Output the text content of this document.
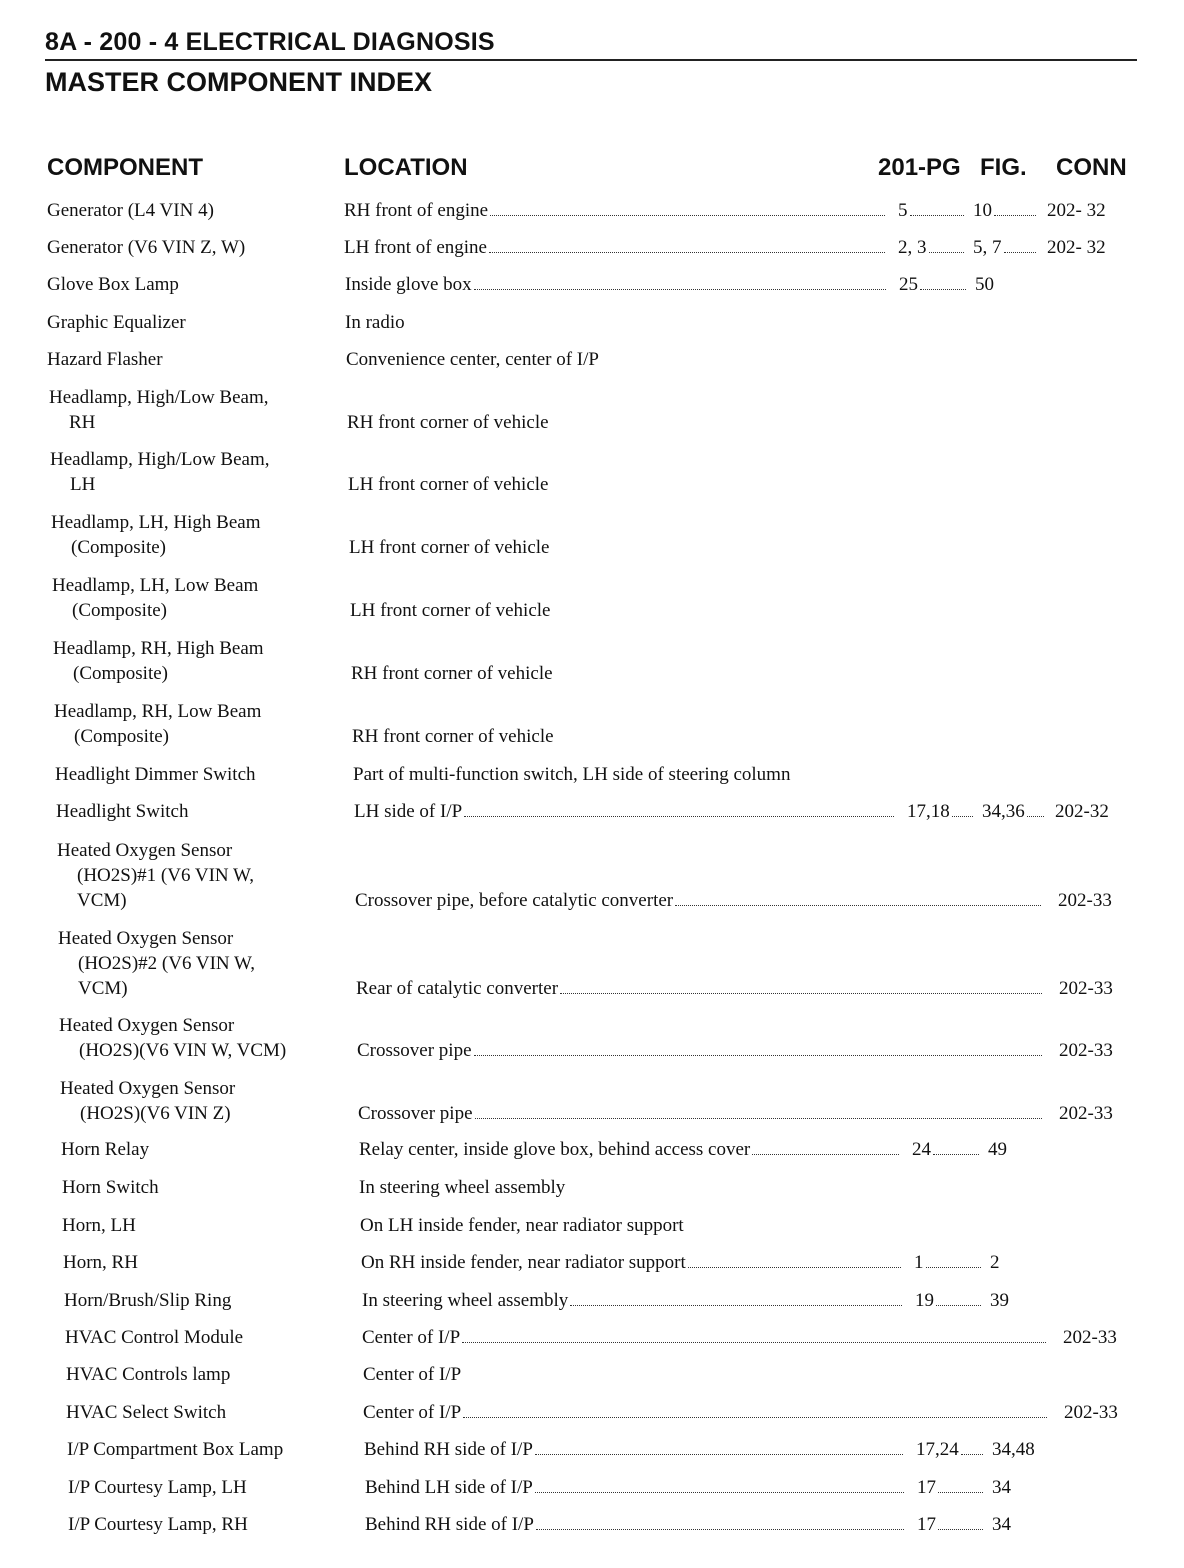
8A - 200 - 4 ELECTRICAL DIAGNOSIS
MASTER COMPONENT INDEX
COMPONENT	LOCATION	201-PG FIG. CONN
Generator (L4 VIN 4)	RH front of engine	5	10	202- 32
Generator (V6 VIN Z, W)	LH front of engine	2, 3 5, 7 202- 32
Glove Box Lamp	Inside glove box	25	50
Graphic Equalizer	In radio
Hazard Flasher	Convenience center, center of I/P
Headlamp, High/Low Beam,
RH	RH front corner of vehicle
Headlamp, High/Low Beam,
LH	LH front corner of vehicle
Headlamp, LH, High Beam
(Composite)	LH front corner of vehicle
Headlamp, LH, Low Beam
(Composite)	LH front corner of vehicle
Headlamp, RH, High Beam
(Composite)	RH front corner of vehicle
Headlamp, RH, Low Beam
(Composite)	RH front corner of vehicle
Headlight Dimmer Switch	Part of multi-function switch, LH side of steering column
Headlight Switch	LH side of I/P	17,18 34,36 202-32
Heated Oxygen Sensor
(HO2S)#1 (V6 VIN W,
VCM)	Crossover pipe, before catalytic converter	202-33
Heated Oxygen Sensor
(HO2S)#2 (V6 VIN W,
VCM)	Rear of catalytic converter	202-33
Heated Oxygen Sensor
(HO2S)(V6 VIN W, VCM)	Crossover pipe	202-33
Heated Oxygen Sensor
(HO2S)(V6 VIN Z)	Crossover pipe	202-33
Horn Relay	Relay center, inside glove box, behind access cover	24	49
Horn Switch	In steering wheel assembly
Horn, LH	On LH inside fender, near radiator support
Horn, RH	On RH inside fender, near radiator support	1	2
Horn/Brush/Slip Ring	In steering wheel assembly	19	39
HVAC Control Module	Center of I/P	202-33
HVAC Controls lamp	Center of I/P
HVAC Select Switch	Center of I/P	202-33
I/P Compartment Box Lamp	Behind RH side of I/P	17,24 34,48
I/P Courtesy Lamp, LH	Behind LH side of I/P	17	34
I/P Courtesy Lamp, RH	Behind RH side of I/P	17	34
